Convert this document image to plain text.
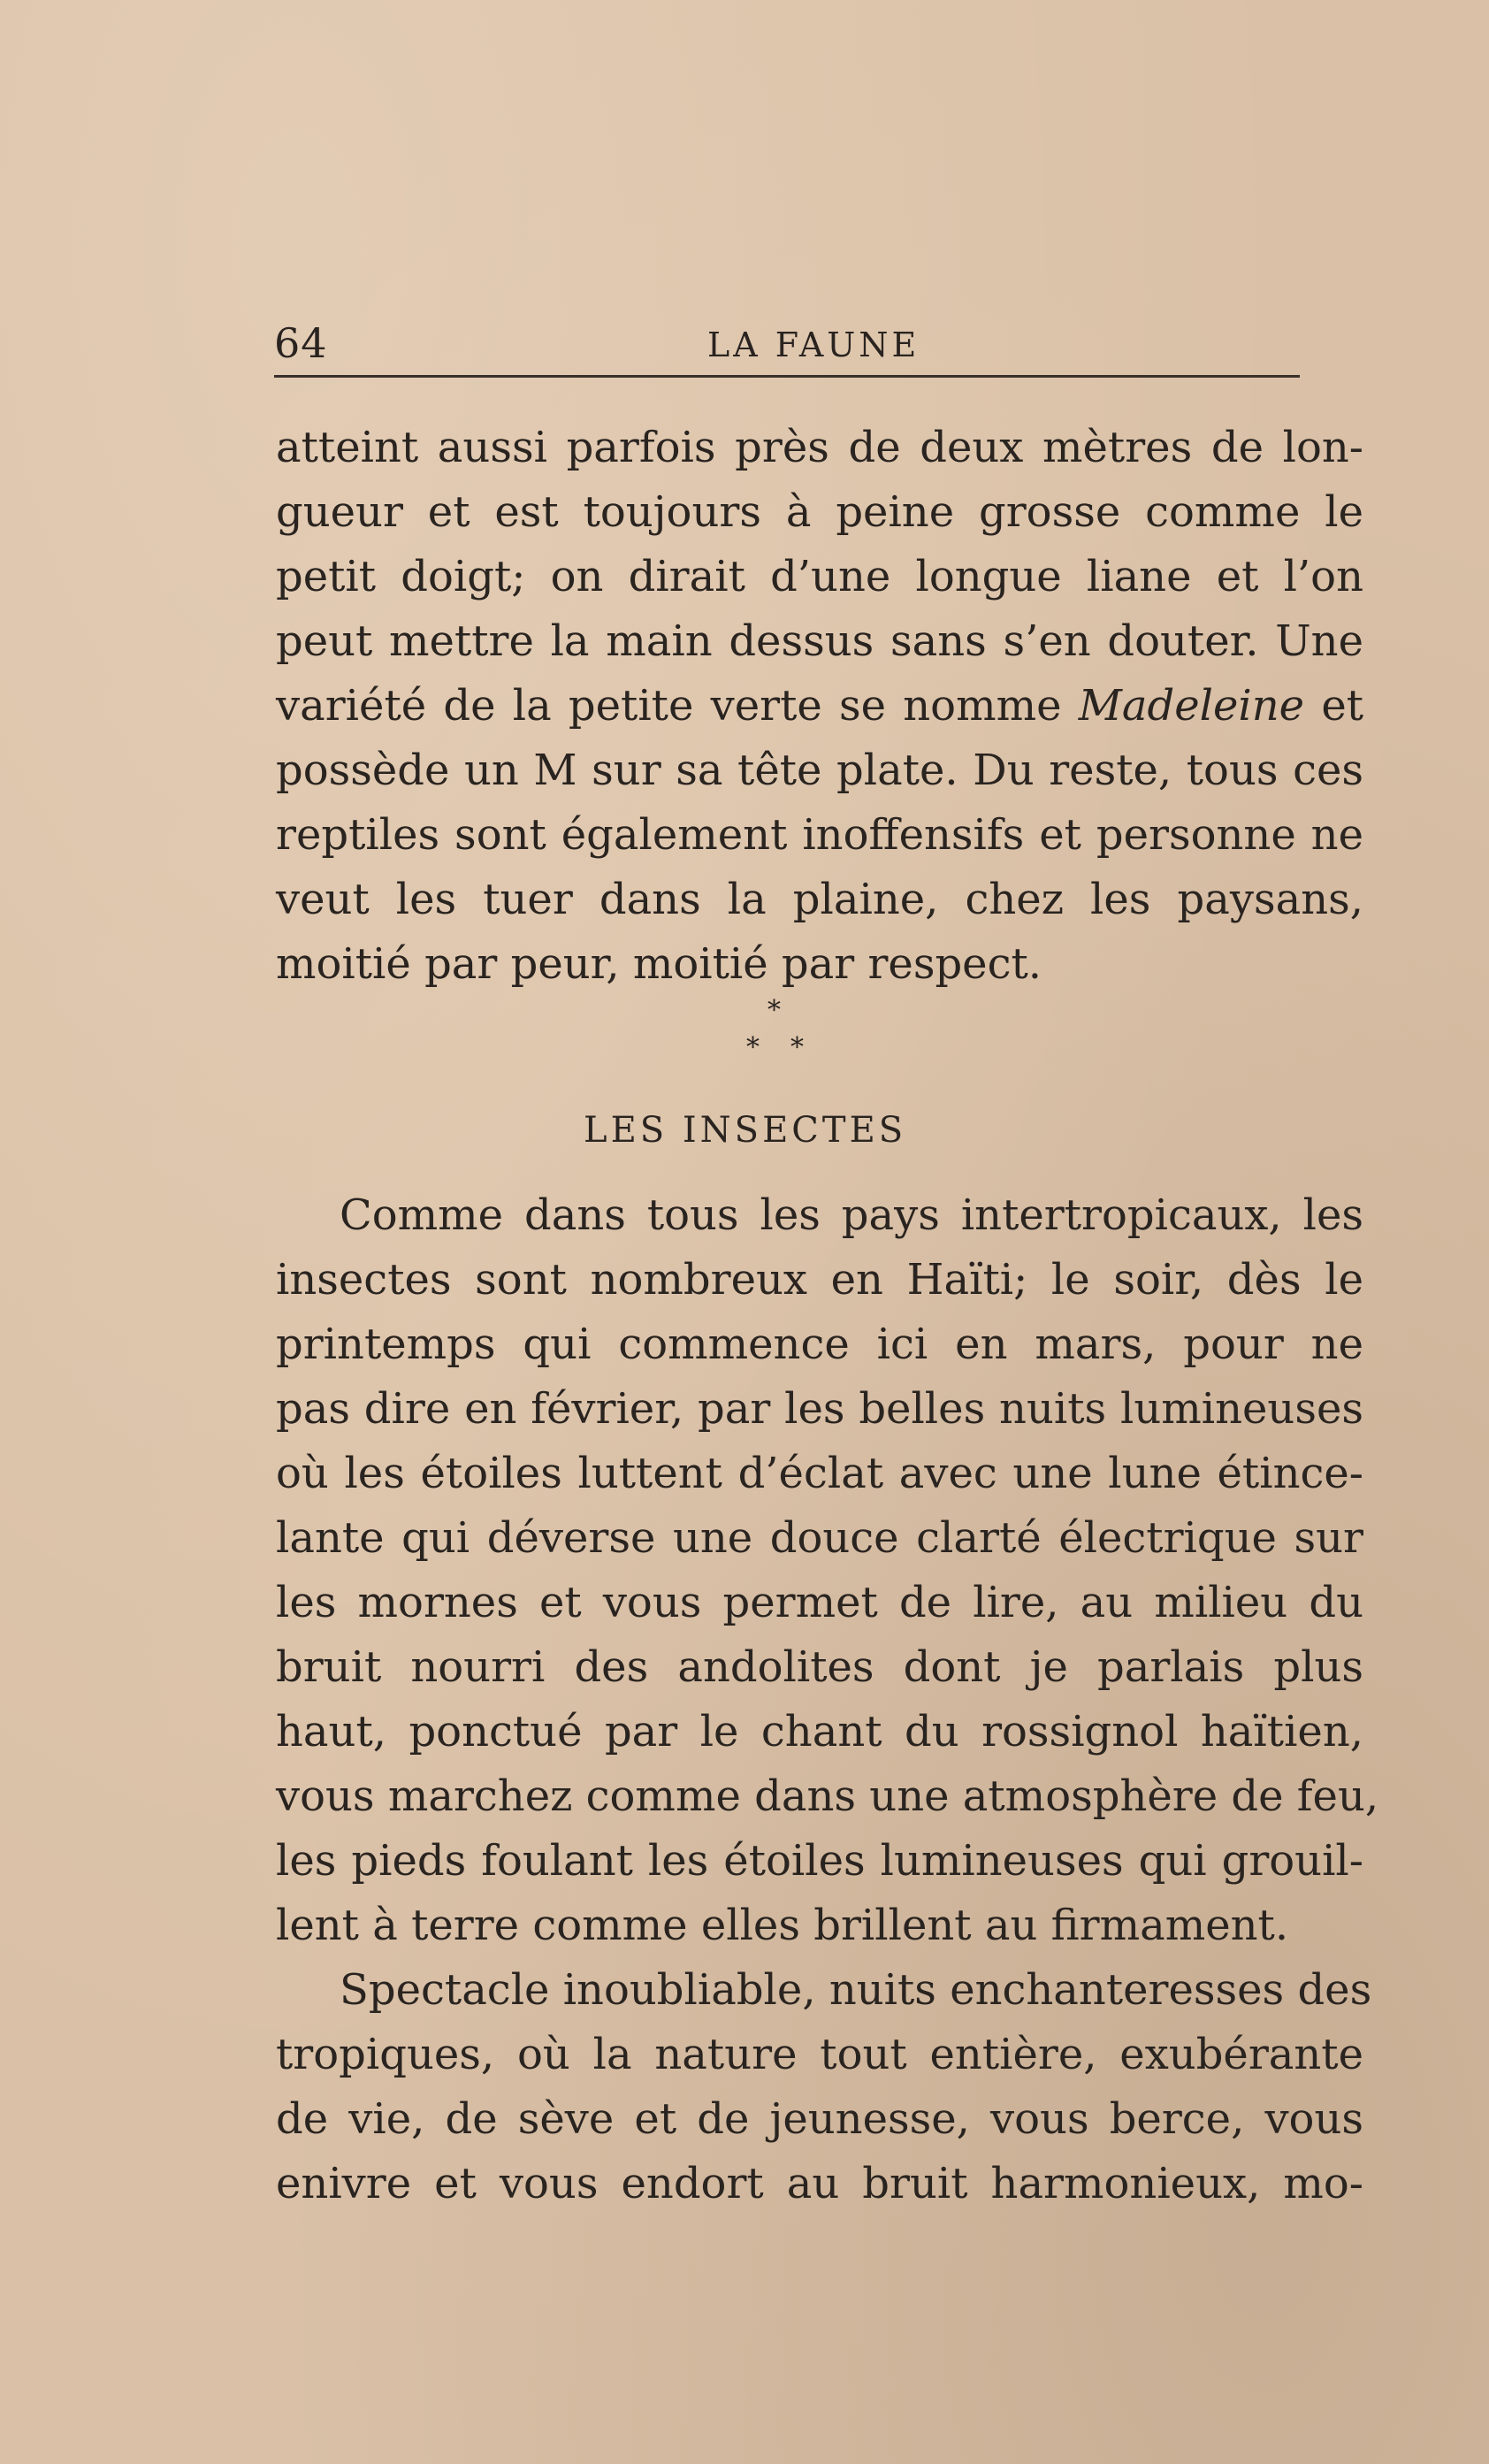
64	LA FAUNE
atteint aussi parfois près de deux mètres de lon-
gueur et est toujours à peine grosse comme le
petit doigt; on dirait d’une longue liane et l’on
peut mettre la main dessus sans s’en douter. Une
variété de la petite verte se nomme Madeleine et
possède un M sur sa tête plate. Du reste, tous ces
reptiles sont également inoffensifs et personne ne
veut les tuer dans la plaine, chez les paysans,
moitié par peur, moitié par respect.
*
* *
LES INSECTES
Comme dans tous les pays intertropicaux, les
insectes sont nombreux en Haïti; le soir, dès le
printemps qui commence ici en mars, pour ne
pas dire en février, par les belles nuits lumineuses
où les étoiles luttent d’éclat avec une lune étince-
lante qui déverse une douce clarté électrique sur
les mornes et vous permet de lire, au milieu du
bruit nourri des andolites dont je parlais plus
haut, ponctué par le chant du rossignol haïtien,
vous marchez comme dans une atmosphère de feu,
les pieds foulant les étoiles lumineuses qui grouil-
lent à terre comme elles brillent au firmament.
Spectacle inoubliable, nuits enchanteresses des
tropiques, où la nature tout entière, exubérante
de vie, de sève et de jeunesse, vous berce, vous
enivre et vous endort au bruit harmonieux, mo-
